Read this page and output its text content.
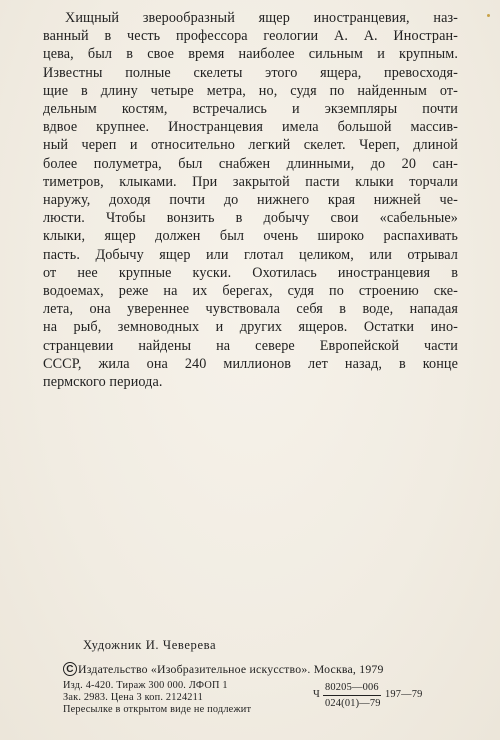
Хищный зверообразный ящер иностранцевия, наз-
ванный в честь профессора геологии А. А. Иностран-
цева, был в свое время наиболее сильным и крупным.
Известны полные скелеты этого ящера, превосходя-
щие в длину четыре метра, но, судя по найденным от-
дельным костям, встречались и экземпляры почти
вдвое крупнее. Иностранцевия имела большой массив-
ный череп и относительно легкий скелет. Череп, длиной
более полуметра, был снабжен длинными, до 20 сан-
тиметров, клыками. При закрытой пасти клыки торчали
наружу, доходя почти до нижнего края нижней че-
люсти. Чтобы вонзить в добычу свои «сабельные»
клыки, ящер должен был очень широко распахивать
пасть. Добычу ящер или глотал целиком, или отрывал
от нее крупные куски. Охотилась иностранцевия в
водоемах, реже на их берегах, судя по строению ске-
лета, она увереннее чувствовала себя в воде, нападая
на рыб, земноводных и других ящеров. Остатки ино-
странцевии найдены на севере Европейской части
СССР, жила она 240 миллионов лет назад, в конце
пермского периода.
Художник И. Чеверева
C Издательство «Изобразительное искусство». Москва, 1979
Изд. 4-420. Тираж 300 000. ЛФОП 1
Зак. 2983. Цена 3 коп. 2124211
Пересылке в открытом виде не подлежит
Ч
80205—006
024(01)—79
197—79
